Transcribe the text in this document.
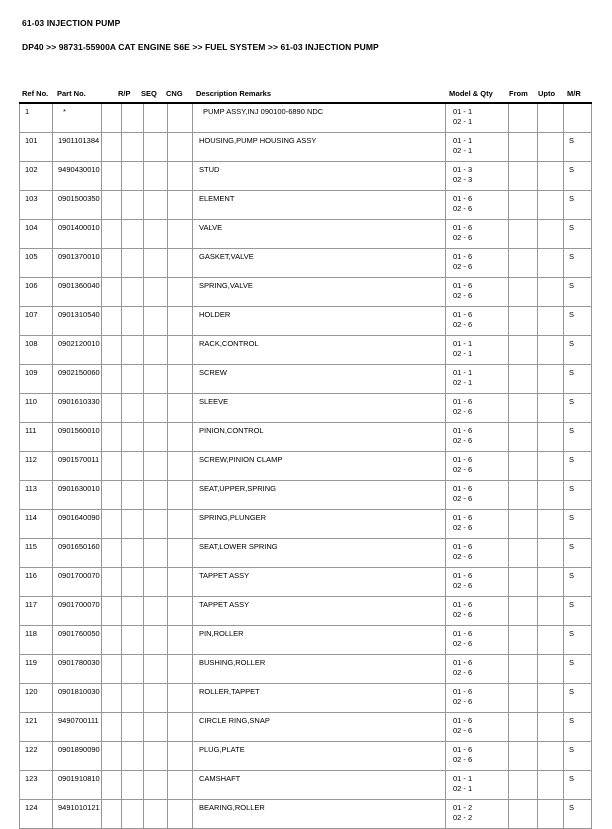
61-03 INJECTION PUMP
DP40 >> 98731-55900A CAT ENGINE S6E >> FUEL SYSTEM >> 61-03 INJECTION PUMP
Ref No. Part No.	R/P SEQ CNG Description Remarks	Model & Qty From Upto M/R
1	*					PUMP ASSY,INJ 090100-6890 NDC	01 - 1
02 - 1			

101	1901101384					HOUSING,PUMP HOUSING ASSY	01 - 1
02 - 1			S
102	9490430010					STUD	01 - 3
02 - 3			S
103	0901500350					ELEMENT	01 - 6
02 - 6			S
104	0901400010					VALVE	01 - 6
02 - 6			S
105	0901370010					GASKET,VALVE	01 - 6
02 - 6			S
106	0901360040					SPRING,VALVE	01 - 6
02 - 6			S
107	0901310540					HOLDER	01 - 6
02 - 6			S
108	0902120010					RACK,CONTROL	01 - 1
02 - 1			S
109	0902150060					SCREW	01 - 1
02 - 1			S
110	0901610330					SLEEVE	01 - 6
02 - 6			S
111	0901560010					PINION,CONTROL	01 - 6
02 - 6			S
112	0901570011					SCREW,PINION CLAMP	01 - 6
02 - 6			S
113	0901630010					SEAT,UPPER,SPRING	01 - 6
02 - 6			S
114	0901640090					SPRING,PLUNGER	01 - 6
02 - 6			S
115	0901650160					SEAT,LOWER SPRING	01 - 6
02 - 6			S
116	0901700070					TAPPET ASSY	01 - 6
02 - 6			S
117	0901700070					TAPPET ASSY	01 - 6
02 - 6			S
118	0901760050					PIN,ROLLER	01 - 6
02 - 6			S
119	0901780030					BUSHING,ROLLER	01 - 6
02 - 6			S
120	0901810030					ROLLER,TAPPET	01 - 6
02 - 6			S
121	9490700111					CIRCLE RING,SNAP	01 - 6
02 - 6			S
122	0901890090					PLUG,PLATE	01 - 6
02 - 6			S
123	0901910810					CAMSHAFT	01 - 1
02 - 1			S
124	9491010121					BEARING,ROLLER	01 - 2
02 - 2			S
